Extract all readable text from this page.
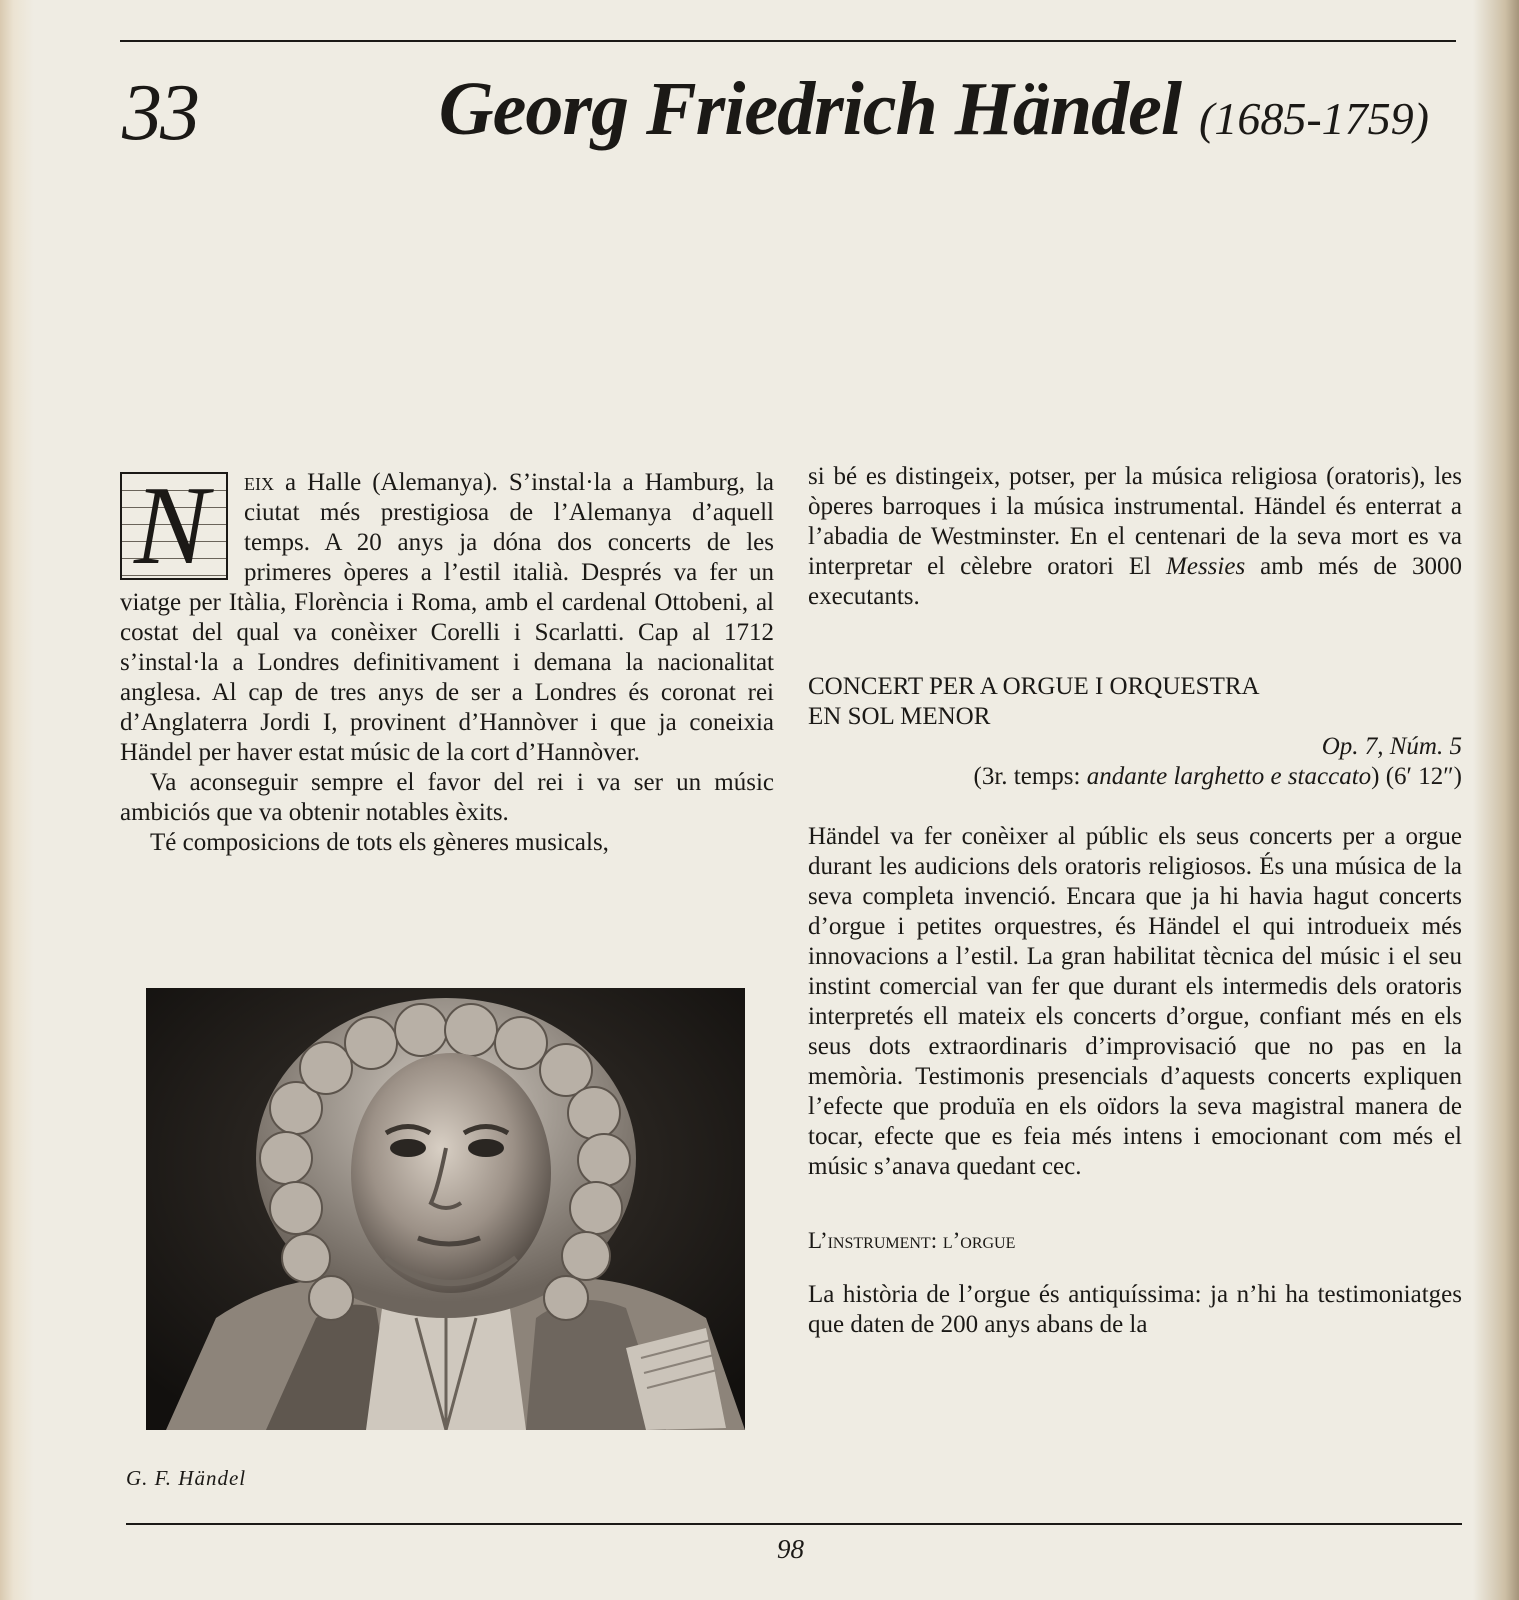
33	Georg Friedrich Händel (1685-1759)

N eix a Halle (Alemanya). S’instal·la a Hamburg, la ciutat més prestigiosa de l’Alemanya d’aquell temps. A 20 anys ja dóna dos concerts de les primeres òperes a l’estil italià. Després va fer un viatge per Itàlia, Florència i Roma, amb el cardenal Ottobeni, al costat del qual va conèixer Corelli i Scarlatti. Cap al 1712 s’instal·la a Londres definitivament i demana la nacionalitat anglesa. Al cap de tres anys de ser a Londres és coronat rei d’Anglaterra Jordi I, provinent d’Hannòver i que ja coneixia Händel per haver estat músic de la cort d’Hannòver.

Va aconseguir sempre el favor del rei i va ser un músic ambiciós que va obtenir notables èxits.

Té composicions de tots els gèneres musicals,

G. F. Händel

si bé es distingeix, potser, per la música religiosa (oratoris), les òperes barroques i la música instrumental. Händel és enterrat a l’abadia de Westminster. En el centenari de la seva mort es va interpretar el cèlebre oratori El Messies amb més de 3000 executants.

CONCERT PER A ORGUE I ORQUESTRA
EN SOL MENOR

Op. 7, Núm. 5

(3r. temps: andante larghetto e staccato) (6′ 12″)

Händel va fer conèixer al públic els seus concerts per a orgue durant les audicions dels oratoris religiosos. És una música de la seva completa invenció. Encara que ja hi havia hagut concerts d’orgue i petites orquestres, és Händel el qui introdueix més innovacions a l’estil. La gran habilitat tècnica del músic i el seu instint comercial van fer que durant els intermedis dels oratoris interpretés ell mateix els concerts d’orgue, confiant més en els seus dots extraordinaris d’improvisació que no pas en la memòria. Testimonis presencials d’aquests concerts expliquen l’efecte que produïa en els oïdors la seva magistral manera de tocar, efecte que es feia més intens i emocionant com més el músic s’anava quedant cec.

L’instrument: l’orgue

La història de l’orgue és antiquíssima: ja n’hi ha testimoniatges que daten de 200 anys abans de la

98
